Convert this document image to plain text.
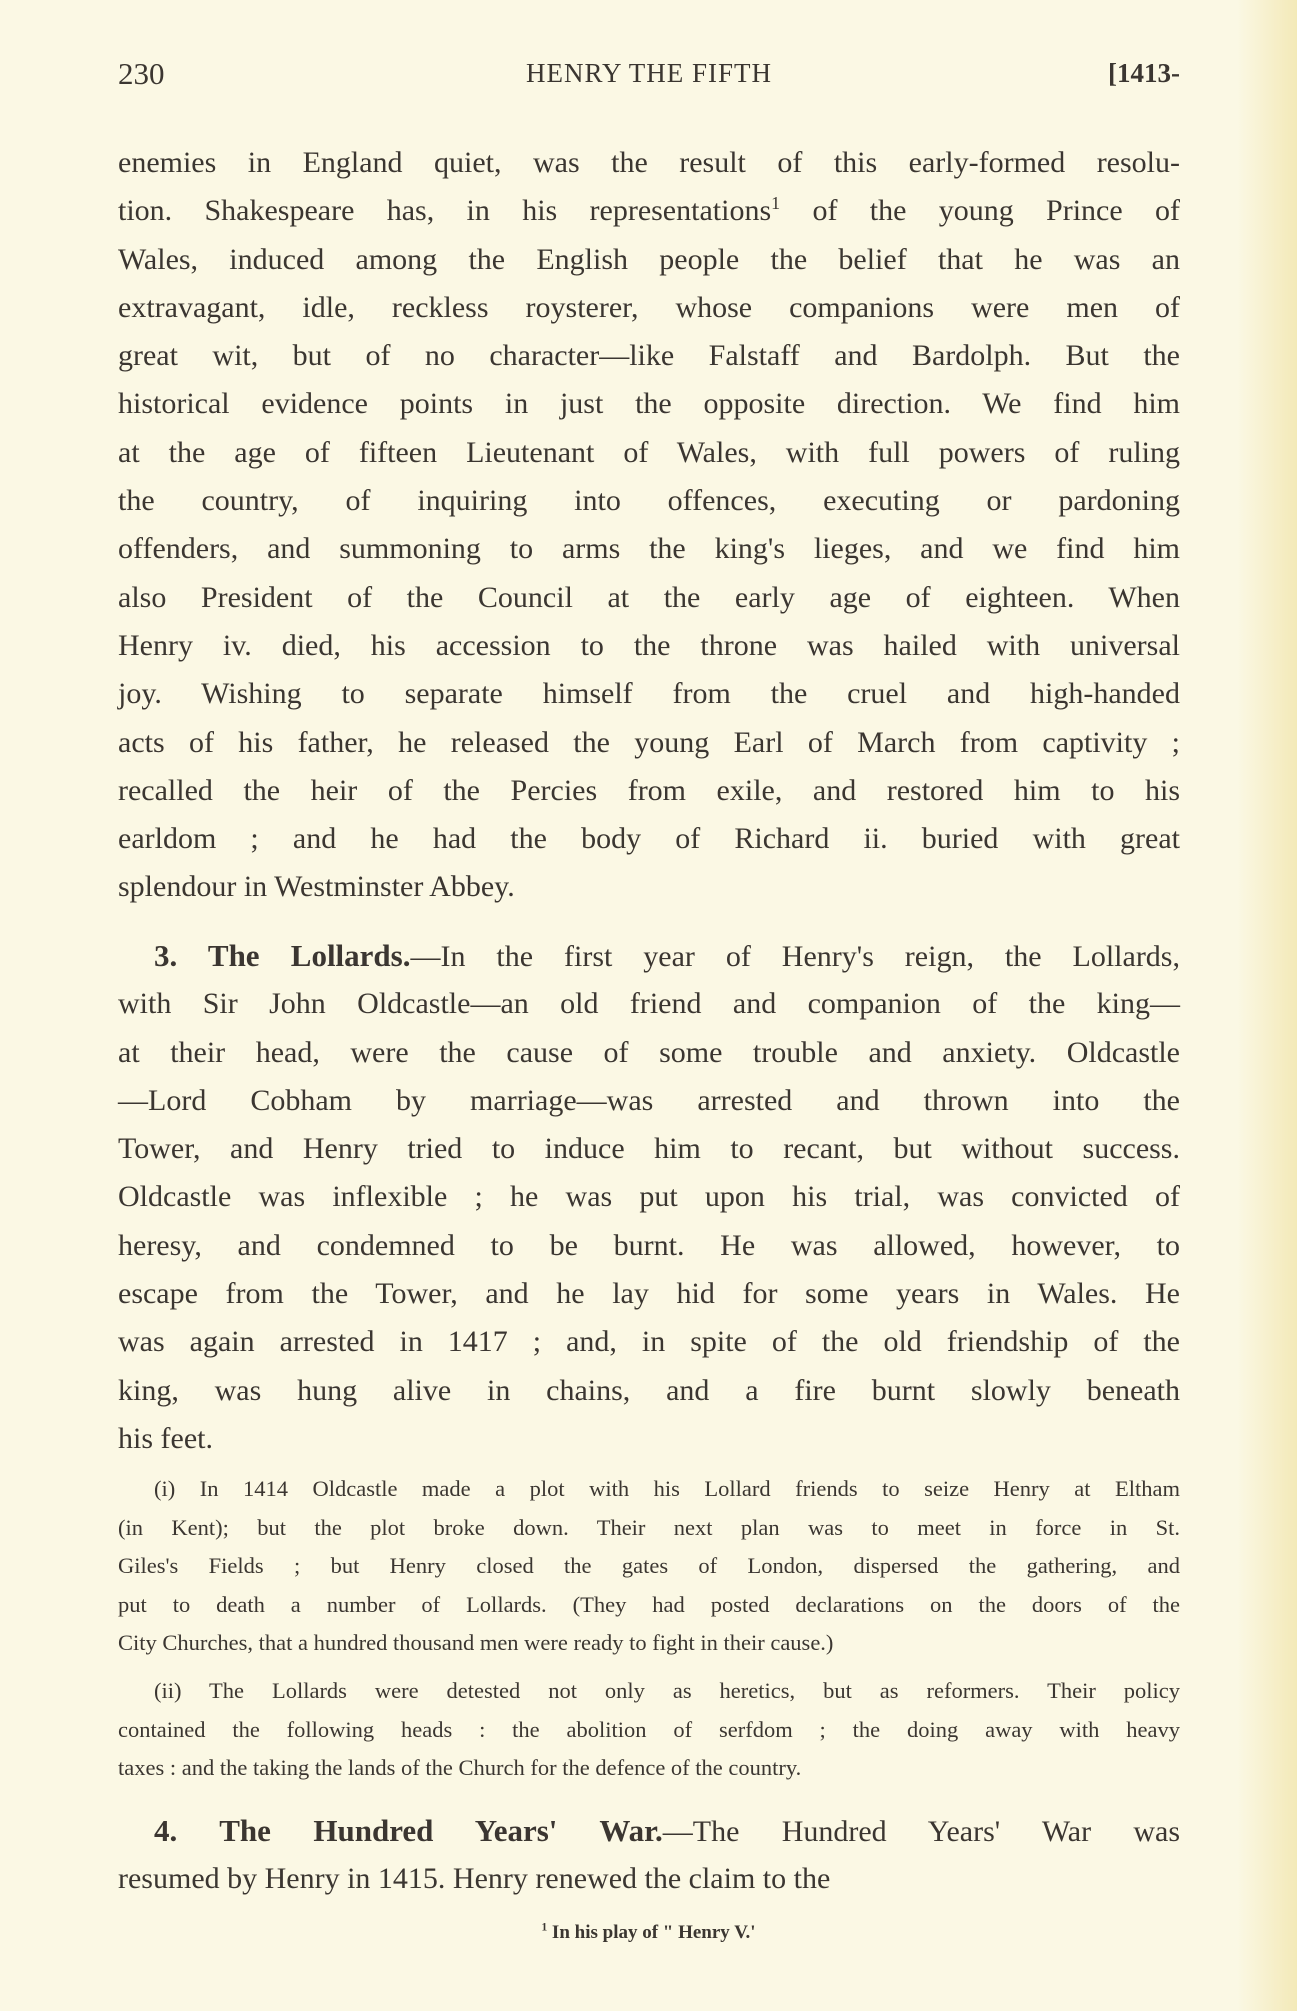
230	HENRY THE FIFTH	[1413-
enemies in England quiet, was the result of this early-formed resolu-
tion. Shakespeare has, in his representations$^1$ of the young Prince of
Wales, induced among the English people the belief that he was an
extravagant, idle, reckless roysterer, whose companions were men of
great wit, but of no character—like Falstaff and Bardolph. But the
historical evidence points in just the opposite direction. We find him
at the age of fifteen Lieutenant of Wales, with full powers of ruling
the country, of inquiring into offences, executing or pardoning
offenders, and summoning to arms the king's lieges, and we find him
also President of the Council at the early age of eighteen. When
Henry iv. died, his accession to the throne was hailed with universal
joy. Wishing to separate himself from the cruel and high-handed
acts of his father, he released the young Earl of March from captivity ;
recalled the heir of the Percies from exile, and restored him to his
earldom ; and he had the body of Richard ii. buried with great
splendour in Westminster Abbey.
3. The Lollards.—In the first year of Henry's reign, the Lollards,
with Sir John Oldcastle—an old friend and companion of the king—
at their head, were the cause of some trouble and anxiety. Oldcastle
—Lord Cobham by marriage—was arrested and thrown into the
Tower, and Henry tried to induce him to recant, but without success.
Oldcastle was inflexible ; he was put upon his trial, was convicted of
heresy, and condemned to be burnt. He was allowed, however, to
escape from the Tower, and he lay hid for some years in Wales. He
was again arrested in 1417 ; and, in spite of the old friendship of the
king, was hung alive in chains, and a fire burnt slowly beneath
his feet.
(i) In 1414 Oldcastle made a plot with his Lollard friends to seize Henry at Eltham
(in Kent); but the plot broke down. Their next plan was to meet in force in St.
Giles's Fields ; but Henry closed the gates of London, dispersed the gathering, and
put to death a number of Lollards. (They had posted declarations on the doors of the
City Churches, that a hundred thousand men were ready to fight in their cause.)
(ii) The Lollards were detested not only as heretics, but as reformers. Their policy
contained the following heads : the abolition of serfdom ; the doing away with heavy
taxes : and the taking the lands of the Church for the defence of the country.
4. The Hundred Years' War.—The Hundred Years' War was
resumed by Henry in 1415. Henry renewed the claim to the
$^1$ In his play of " Henry V.'
